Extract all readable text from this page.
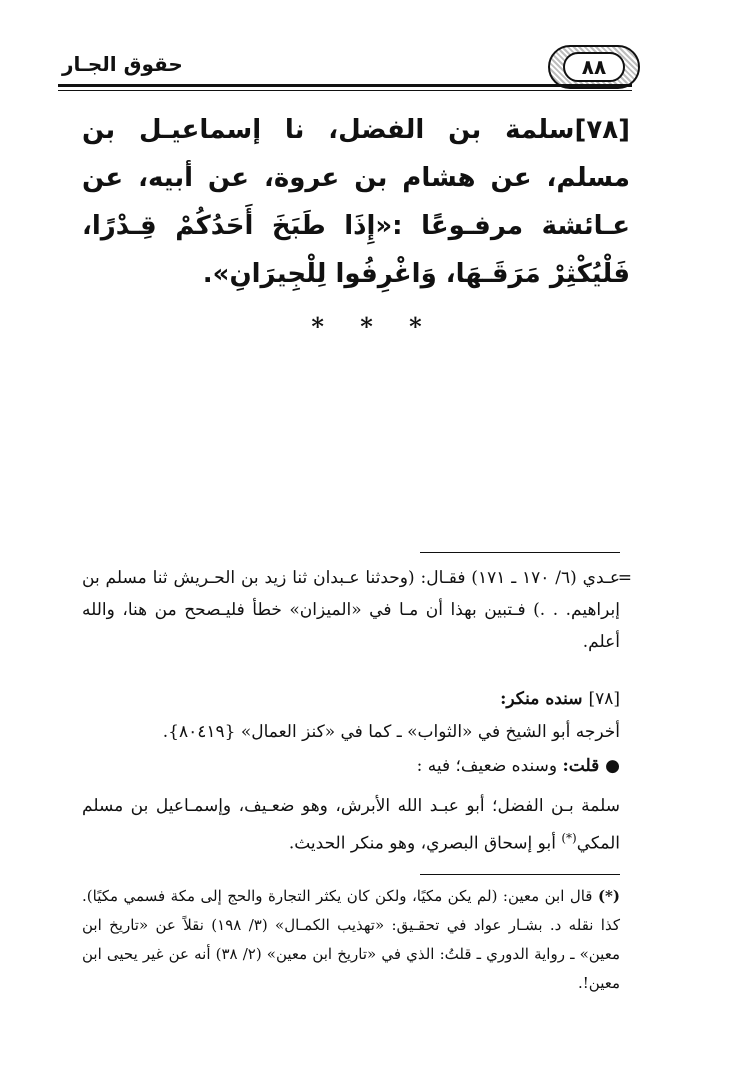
حقوق الجـار	٨٨
[٧٨]سلمة بن الفضل، نا إسماعيـل بن مسلم، عن هشام بن عروة، عن أبيه، عن عـائشة مرفـوعًا :«إِذَا طَبَخَ أَحَدُكُمْ قِـدْرًا، فَلْيُكْثِرْ مَرَقَـهَا، وَاغْرِفُوا لِلْجِيرَانِ».
* * *
=
عـدي (٦/ ١٧٠ ـ ١٧١) فقـال: (وحدثنا عـبدان ثنا زيد بن الحـريش ثنا مسلم بن إبراهيم. . .) فـتبين بهذا أن مـا في «الميزان» خطأ فليـصحح من هنا، والله أعلم.
[٧٨] سنده منكر:
أخرجه أبو الشيخ في «الثواب» ـ كما في «كنز العمال» {٨٠٤١٩}.
● قلت: وسنده ضعيف؛ فيه :
سلمة بـن الفضل؛ أبو عبـد الله الأبرش، وهو ضعـيف، وإسمـاعيل بن مسلم المكي(*) أبو إسحاق البصري، وهو منكر الحديث.
(*) قال ابن معين: (لم يكن مكيًا، ولكن كان يكثر التجارة والحج إلى مكة فسمي مكيًا). كذا نقله د. بشـار عواد في تحقـيق: «تهذيب الكمـال» (٣/ ١٩٨) نقلاً عن «تاريخ ابن معين» ـ رواية الدوري ـ قلتُ: الذي في «تاريخ ابن معين» (٢/ ٣٨) أنه عن غير يحيى ابن معين!.
